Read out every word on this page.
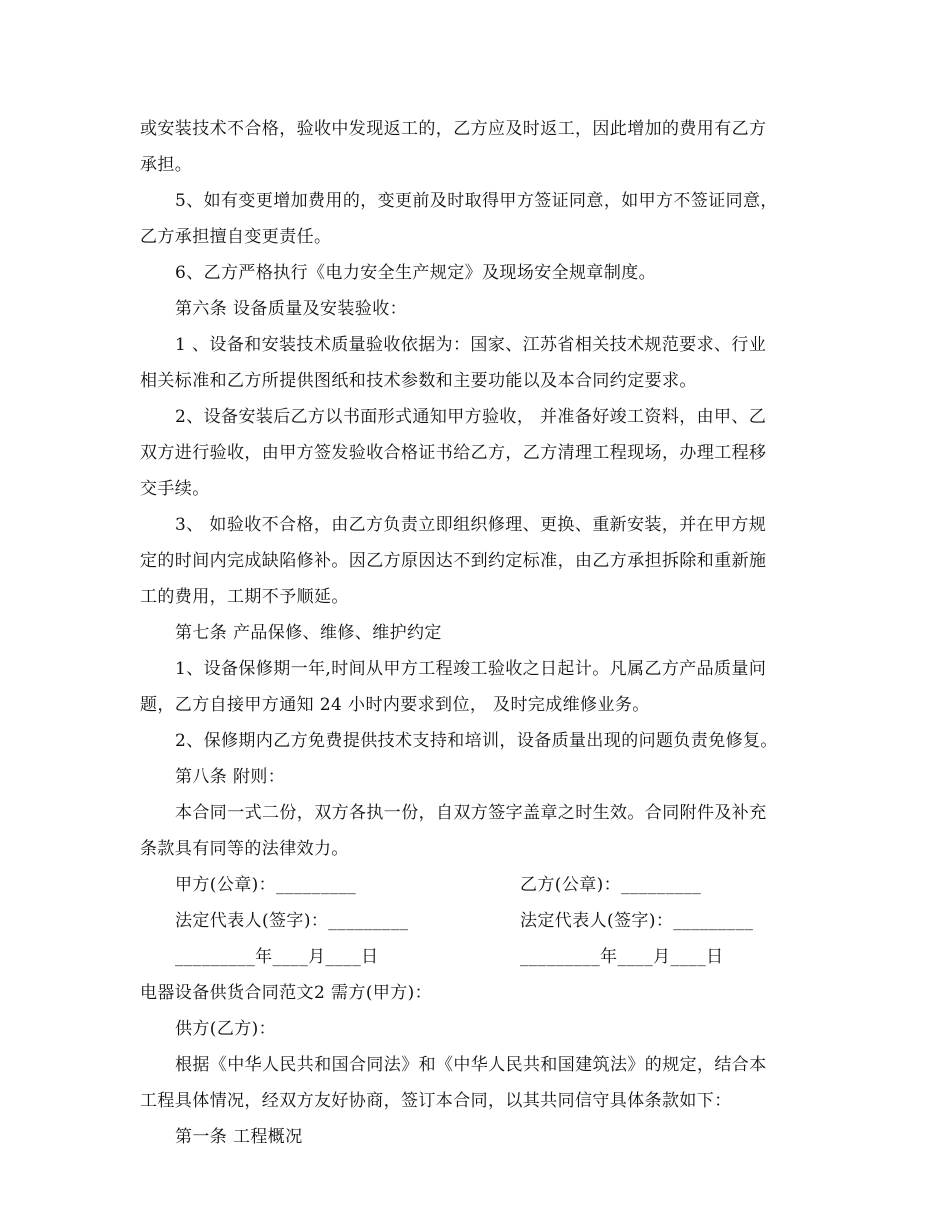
或安装技术不合格，验收中发现返工的，乙方应及时返工，因此增加的费用有乙方
承担。
5、如有变更增加费用的，变更前及时取得甲方签证同意，如甲方不签证同意，
乙方承担擅自变更责任。
6、乙方严格执行《电力安全生产规定》及现场安全规章制度。
第六条 设备质量及安装验收：
1 、设备和安装技术质量验收依据为：国家、江苏省相关技术规范要求、行业
相关标准和乙方所提供图纸和技术参数和主要功能以及本合同约定要求。
2、设备安装后乙方以书面形式通知甲方验收， 并准备好竣工资料，由甲、乙
双方进行验收，由甲方签发验收合格证书给乙方，乙方清理工程现场，办理工程移
交手续。
3、 如验收不合格，由乙方负责立即组织修理、更换、重新安装，并在甲方规
定的时间内完成缺陷修补。因乙方原因达不到约定标准，由乙方承担拆除和重新施
工的费用，工期不予顺延。
第七条 产品保修、维修、维护约定
1、设备保修期一年,时间从甲方工程竣工验收之日起计。凡属乙方产品质量问
题，乙方自接甲方通知 24 小时内要求到位， 及时完成维修业务。
2、保修期内乙方免费提供技术支持和培训，设备质量出现的问题负责免修复。
第八条 附则：
本合同一式二份，双方各执一份，自双方签字盖章之时生效。合同附件及补充
条款具有同等的法律效力。
甲方(公章)：_________	乙方(公章)：_________
法定代表人(签字)：_________	法定代表人(签字)：_________
_________年____月____日	_________年____月____日
电器设备供货合同范文2 需方(甲方)：
供方(乙方)：
根据《中华人民共和国合同法》和《中华人民共和国建筑法》的规定，结合本
工程具体情况，经双方友好协商，签订本合同，以其共同信守具体条款如下：
第一条 工程概况
